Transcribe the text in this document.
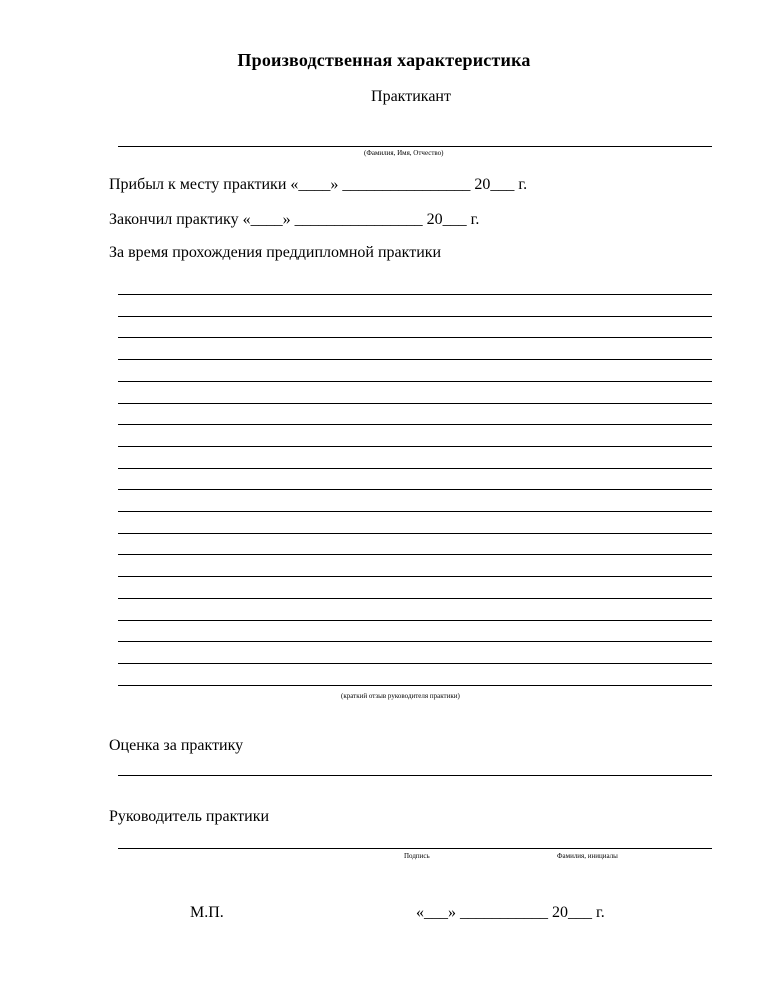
Производственная характеристика
Практикант
(Фамилия, Имя, Отчество)
Прибыл к месту практики «____» ________________ 20___ г.
Закончил практику «____» ________________ 20___ г.
За время прохождения преддипломной практики
(краткий отзыв руководителя практики)
Оценка за практику
Руководитель практики
Подпись	Фамилия, инициалы
М.П.	«___» ___________ 20___ г.
